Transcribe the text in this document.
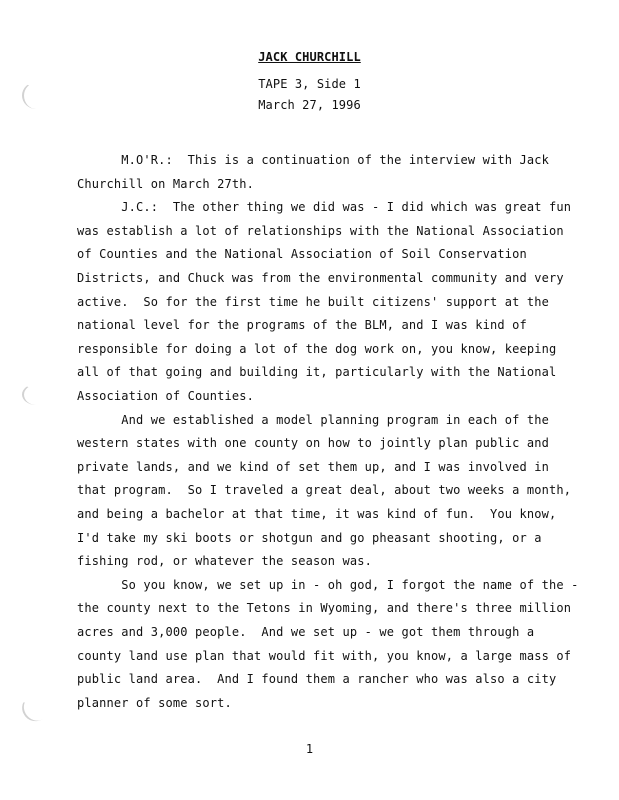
JACK CHURCHILL
TAPE 3, Side 1
March 27, 1996
M.O'R.:  This is a continuation of the interview with Jack
Churchill on March 27th.
J.C.:  The other thing we did was - I did which was great fun
was establish a lot of relationships with the National Association
of Counties and the National Association of Soil Conservation
Districts, and Chuck was from the environmental community and very
active.  So for the first time he built citizens' support at the
national level for the programs of the BLM, and I was kind of
responsible for doing a lot of the dog work on, you know, keeping
all of that going and building it, particularly with the National
Association of Counties.
And we established a model planning program in each of the
western states with one county on how to jointly plan public and
private lands, and we kind of set them up, and I was involved in
that program.  So I traveled a great deal, about two weeks a month,
and being a bachelor at that time, it was kind of fun.  You know,
I'd take my ski boots or shotgun and go pheasant shooting, or a
fishing rod, or whatever the season was.
So you know, we set up in - oh god, I forgot the name of the -
the county next to the Tetons in Wyoming, and there's three million
acres and 3,000 people.  And we set up - we got them through a
county land use plan that would fit with, you know, a large mass of
public land area.  And I found them a rancher who was also a city
planner of some sort.
1
